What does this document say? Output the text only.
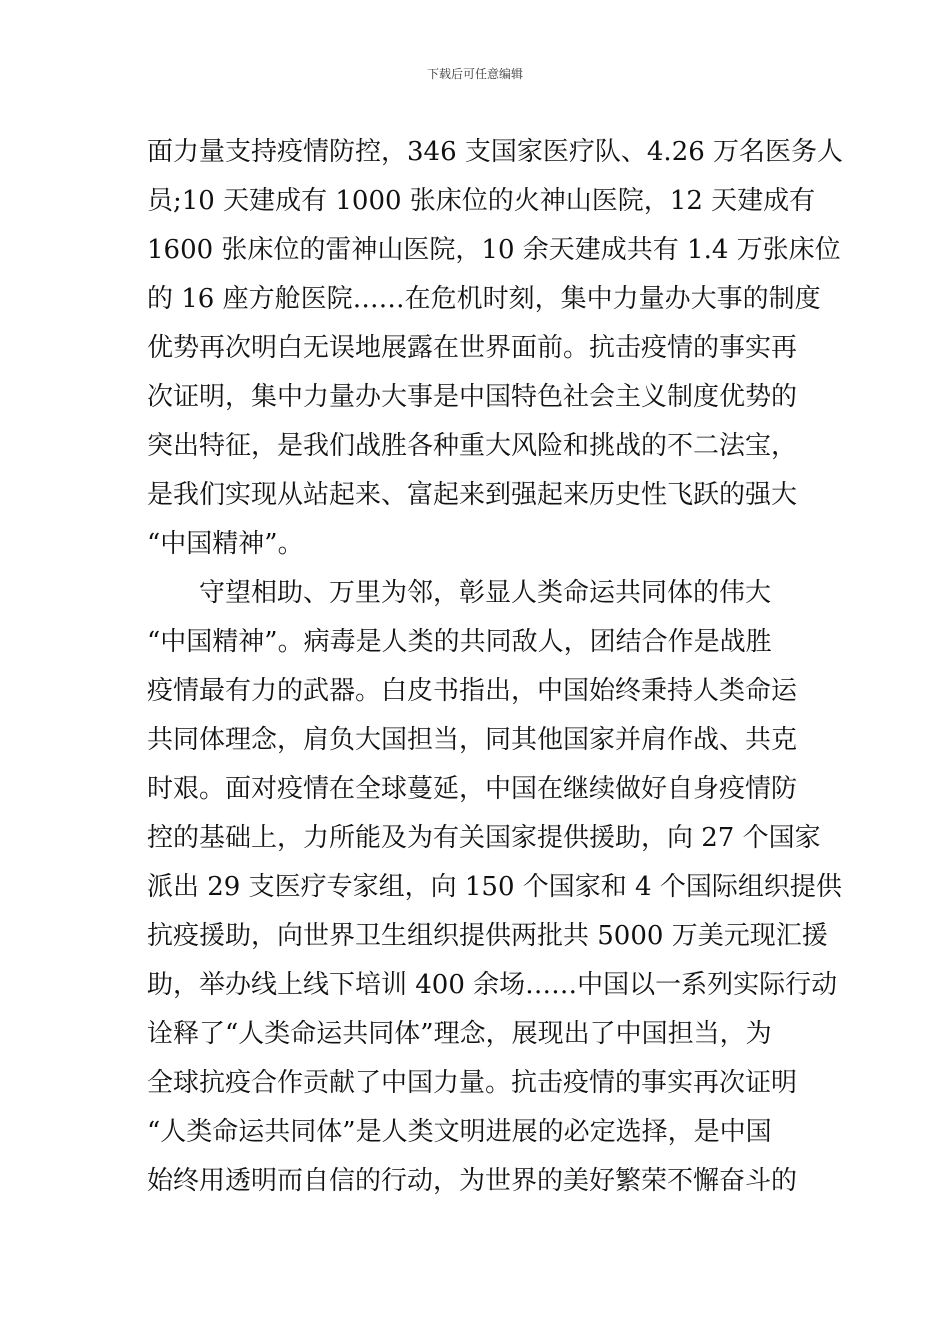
下载后可任意编辑
面力量支持疫情防控，346 支国家医疗队、4.26 万名医务人
员;10 天建成有 1000 张床位的火神山医院，12 天建成有
1600 张床位的雷神山医院，10 余天建成共有 1.4 万张床位
的 16 座方舱医院……在危机时刻，集中力量办大事的制度
优势再次明白无误地展露在世界面前。抗击疫情的事实再
次证明，集中力量办大事是中国特色社会主义制度优势的
突出特征，是我们战胜各种重大风险和挑战的不二法宝，
是我们实现从站起来、富起来到强起来历史性飞跃的强大
“中国精神”。
　　守望相助、万里为邻，彰显人类命运共同体的伟大
“中国精神”。病毒是人类的共同敌人，团结合作是战胜
疫情最有力的武器。白皮书指出，中国始终秉持人类命运
共同体理念，肩负大国担当，同其他国家并肩作战、共克
时艰。面对疫情在全球蔓延，中国在继续做好自身疫情防
控的基础上，力所能及为有关国家提供援助，向 27 个国家
派出 29 支医疗专家组，向 150 个国家和 4 个国际组织提供
抗疫援助，向世界卫生组织提供两批共 5000 万美元现汇援
助，举办线上线下培训 400 余场……中国以一系列实际行动
诠释了“人类命运共同体”理念，展现出了中国担当，为
全球抗疫合作贡献了中国力量。抗击疫情的事实再次证明
“人类命运共同体”是人类文明进展的必定选择，是中国
始终用透明而自信的行动，为世界的美好繁荣不懈奋斗的
